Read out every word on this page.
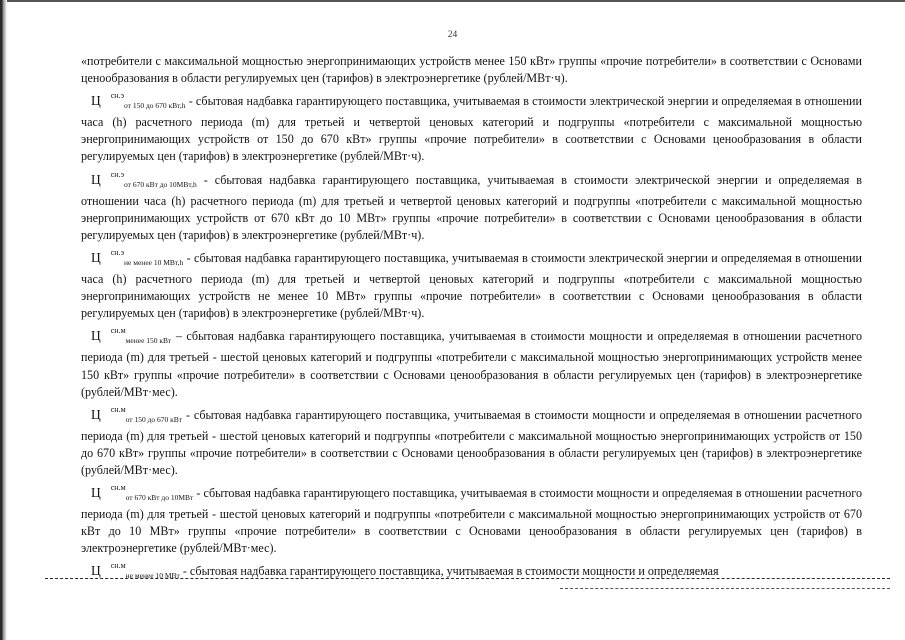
24

«потребители с максимальной мощностью энергопринимающих устройств менее 150 кВт» группы «прочие потребители» в соответствии с Основами ценообразования в области регулируемых цен (тарифов) в электроэнергетике (рублей/МВт·ч).

Ц $^{сн.э}_{от 150 до 670 кВт,h}$ - сбытовая надбавка гарантирующего поставщика, учитываемая в стоимости электрической энергии и определяемая в отношении часа (h) расчетного периода (m) для третьей и четвертой ценовых категорий и подгруппы «потребители с максимальной мощностью энергопринимающих устройств от 150 до 670 кВт» группы «прочие потребители» в соответствии с Основами ценообразования в области регулируемых цен (тарифов) в электроэнергетике (рублей/МВт·ч).

Ц $^{сн.э}_{от 670 кВт до 10МВт,h}$ - сбытовая надбавка гарантирующего поставщика, учитываемая в стоимости электрической энергии и определяемая в отношении часа (h) расчетного периода (m) для третьей и четвертой ценовых категорий и подгруппы «потребители с максимальной мощностью энергопринимающих устройств от 670 кВт до 10 МВт» группы «прочие потребители» в соответствии с Основами ценообразования в области регулируемых цен (тарифов) в электроэнергетике (рублей/МВт·ч).

Ц $^{сн.э}_{не менее 10 МВт,h}$ - сбытовая надбавка гарантирующего поставщика, учитываемая в стоимости электрической энергии и определяемая в отношении часа (h) расчетного периода (m) для третьей и четвертой ценовых категорий и подгруппы «потребители с максимальной мощностью энергопринимающих устройств не менее 10 МВт» группы «прочие потребители» в соответствии с Основами ценообразования в области регулируемых цен (тарифов) в электроэнергетике (рублей/МВт·ч).

Ц $^{сн.м}_{менее 150 кВт}$ – сбытовая надбавка гарантирующего поставщика, учитываемая в стоимости мощности и определяемая в отношении расчетного периода (m) для третьей - шестой ценовых категорий и подгруппы «потребители с максимальной мощностью энергопринимающих устройств менее 150 кВт» группы «прочие потребители» в соответствии с Основами ценообразования в области регулируемых цен (тарифов) в электроэнергетике (рублей/МВт·мес).

Ц $^{сн.м}_{от 150 до 670 кВт}$ - сбытовая надбавка гарантирующего поставщика, учитываемая в стоимости мощности и определяемая в отношении расчетного периода (m) для третьей - шестой ценовых категорий и подгруппы «потребители с максимальной мощностью энергопринимающих устройств от 150 до 670 кВт» группы «прочие потребители» в соответствии с Основами ценообразования в области регулируемых цен (тарифов) в электроэнергетике (рублей/МВт·мес).

Ц $^{сн.м}_{от 670 кВт до 10МВт}$ - сбытовая надбавка гарантирующего поставщика, учитываемая в стоимости мощности и определяемая в отношении расчетного периода (m) для третьей - шестой ценовых категорий и подгруппы «потребители с максимальной мощностью энергопринимающих устройств от 670 кВт до 10 МВт» группы «прочие потребители» в соответствии с Основами ценообразования в области регулируемых цен (тарифов) в электроэнергетике (рублей/МВт·мес).

Ц $^{сн.м}_{не менее 10 МВт}$ - сбытовая надбавка гарантирующего поставщика, учитываемая в стоимости мощности и определяемая
